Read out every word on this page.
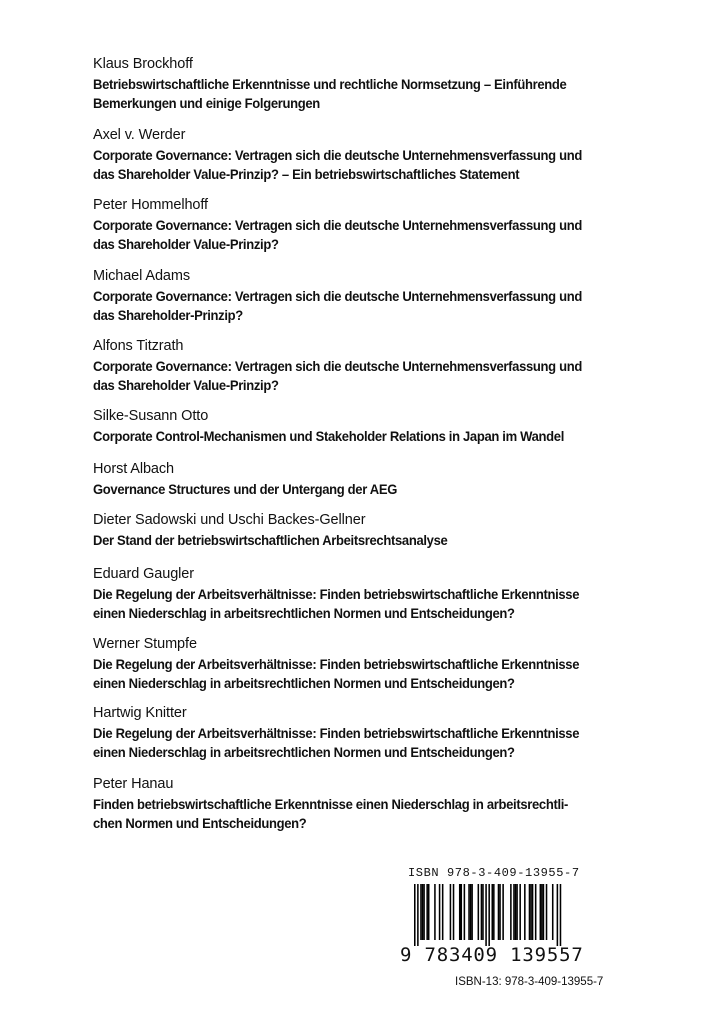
Klaus Brockhoff
Betriebswirtschaftliche Erkenntnisse und rechtliche Normsetzung – Einführende
Bemerkungen und einige Folgerungen
Axel v. Werder
Corporate Governance: Vertragen sich die deutsche Unternehmensverfassung und
das Shareholder Value-Prinzip? – Ein betriebswirtschaftliches Statement
Peter Hommelhoff
Corporate Governance: Vertragen sich die deutsche Unternehmensverfassung und
das Shareholder Value-Prinzip?
Michael Adams
Corporate Governance: Vertragen sich die deutsche Unternehmensverfassung und
das Shareholder-Prinzip?
Alfons Titzrath
Corporate Governance: Vertragen sich die deutsche Unternehmensverfassung und
das Shareholder Value-Prinzip?
Silke-Susann Otto
Corporate Control-Mechanismen und Stakeholder Relations in Japan im Wandel
Horst Albach
Governance Structures und der Untergang der AEG
Dieter Sadowski und Uschi Backes-Gellner
Der Stand der betriebswirtschaftlichen Arbeitsrechtsanalyse
Eduard Gaugler
Die Regelung der Arbeitsverhältnisse: Finden betriebswirtschaftliche Erkenntnisse
einen Niederschlag in arbeitsrechtlichen Normen und Entscheidungen?
Werner Stumpfe
Die Regelung der Arbeitsverhältnisse: Finden betriebswirtschaftliche Erkenntnisse
einen Niederschlag in arbeitsrechtlichen Normen und Entscheidungen?
Hartwig Knitter
Die Regelung der Arbeitsverhältnisse: Finden betriebswirtschaftliche Erkenntnisse
einen Niederschlag in arbeitsrechtlichen Normen und Entscheidungen?
Peter Hanau
Finden betriebswirtschaftliche Erkenntnisse einen Niederschlag in arbeitsrechtli-
chen Normen und Entscheidungen?
ISBN 978-3-409-13955-7
9 783409 139557
ISBN-13: 978-3-409-13955-7
